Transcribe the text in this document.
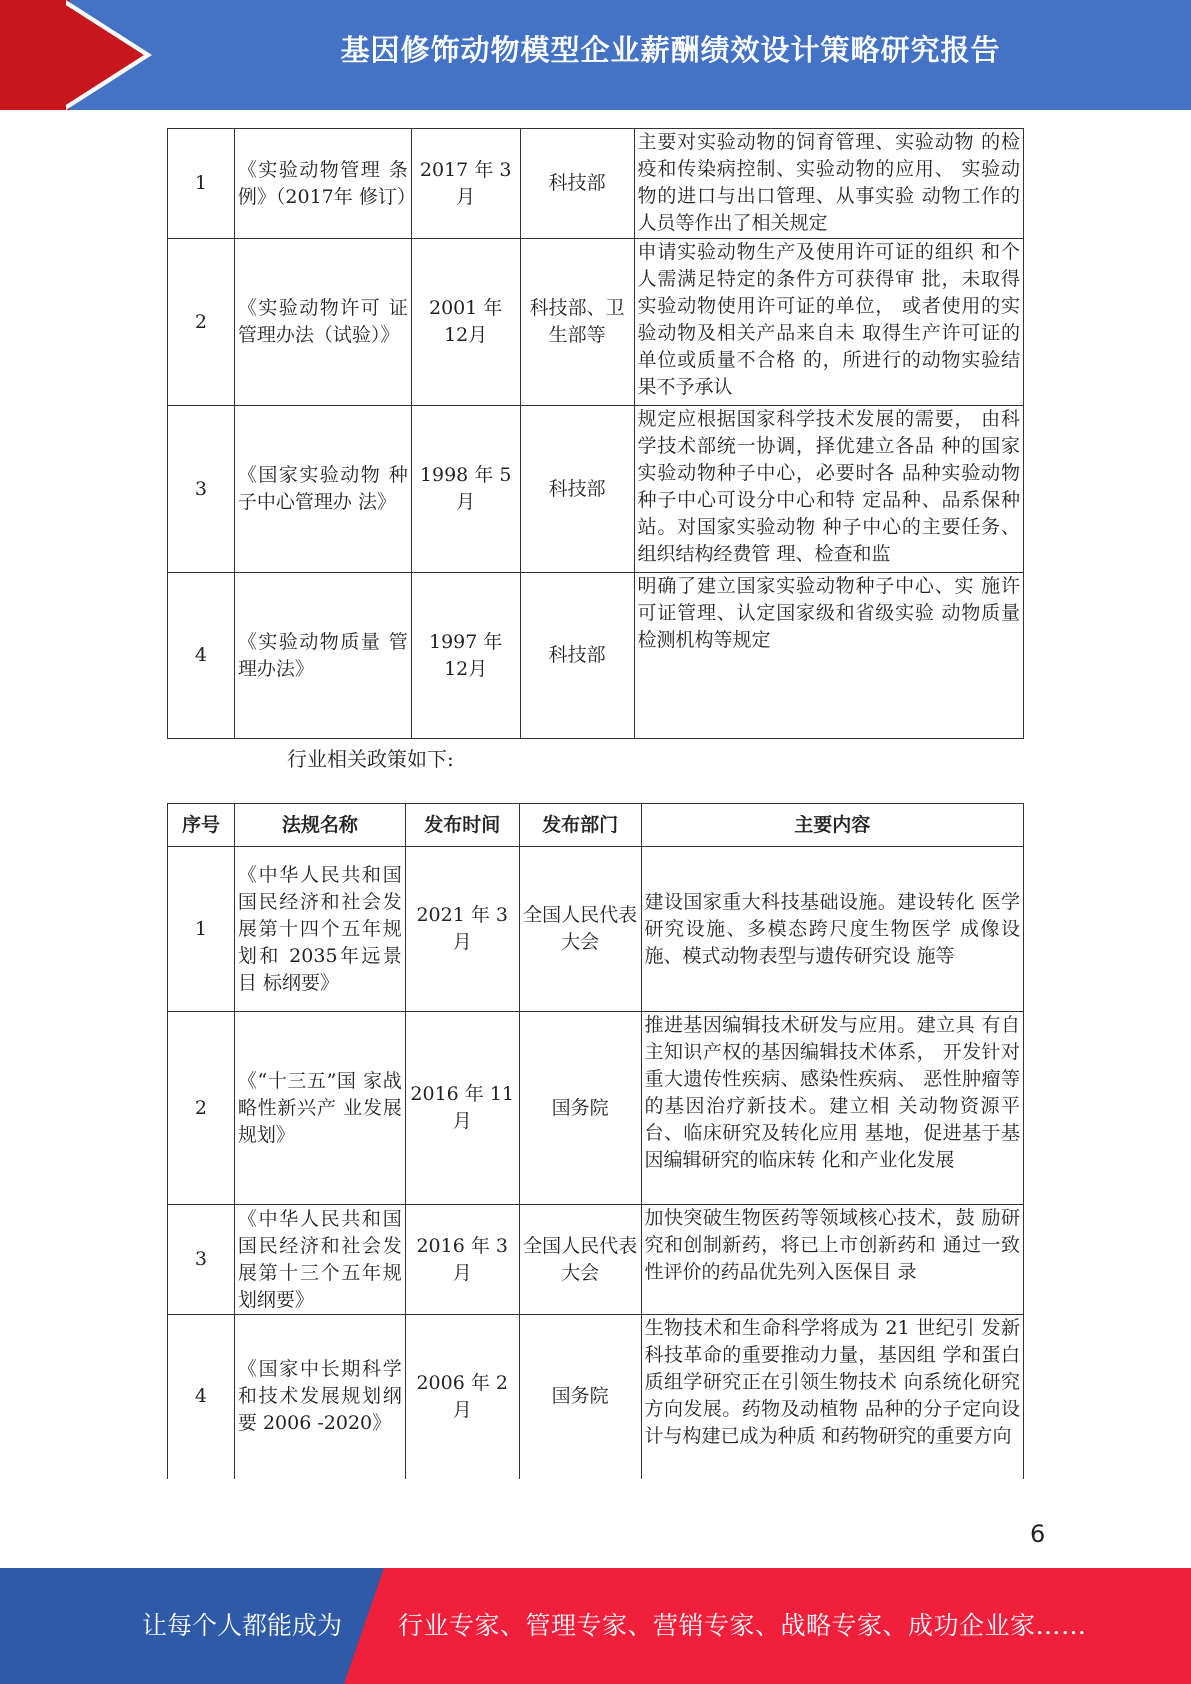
基因修饰动物模型企业薪酬绩效设计策略研究报告
1	《实验动物管理 条例》（2017年 修订）	2017 年 3月	科技部	主要对实验动物的饲育管理、实验动物 的检疫和传染病控制、实验动物的应用、 实验动物的进口与出口管理、从事实验 动物工作的人员等作出了相关规定
2	《实验动物许可 证管理办法（试验）》	2001 年 12月	科技部、卫生部等	申请实验动物生产及使用许可证的组织 和个人需满足特定的条件方可获得审 批，未取得实验动物使用许可证的单位， 或者使用的实验动物及相关产品来自未 取得生产许可证的单位或质量不合格 的，所进行的动物实验结果不予承认
3	《国家实验动物 种子中心管理办 法》	1998 年 5月	科技部	规定应根据国家科学技术发展的需要， 由科学技术部统一协调，择优建立各品 种的国家实验动物种子中心，必要时各 品种实验动物种子中心可设分中心和特 定品种、品系保种站。对国家实验动物 种子中心的主要任务、组织结构经费管 理、检查和监
4	《实验动物质量 管理办法》	1997 年 12月	科技部	明确了建立国家实验动物种子中心、实 施许可证管理、认定国家级和省级实验 动物质量检测机构等规定
行业相关政策如下:
序号	法规名称	发布时间	发布部门	主要内容
1	《中华人民共和国国民经济和社会发展第十四个五年规划和 2035年远景目 标纲要》	2021 年 3月	全国人民代表大会	建设国家重大科技基础设施。建设转化 医学研究设施、多模态跨尺度生物医学 成像设施、模式动物表型与遗传研究设 施等
2	《“十三五”国 家战略性新兴产 业发展规划》	2016 年 11月	国务院	推进基因编辑技术研发与应用。建立具 有自主知识产权的基因编辑技术体系， 开发针对重大遗传性疾病、感染性疾病、 恶性肿瘤等的基因治疗新技术。建立相 关动物资源平台、临床研究及转化应用 基地，促进基于基因编辑研究的临床转 化和产业化发展
3	《中华人民共和国国民经济和社会发展第十三个五年规划纲要》	2016 年 3月	全国人民代表大会	加快突破生物医药等领域核心技术，鼓 励研究和创制新药，将已上市创新药和 通过一致性评价的药品优先列入医保目 录
4	《国家中长期科学和技术发展规划纲要 2006 -2020》	2006 年 2月	国务院	生物技术和生命科学将成为 21 世纪引 发新科技革命的重要推动力量，基因组 学和蛋白质组学研究正在引领生物技术 向系统化研究方向发展。药物及动植物 品种的分子定向设计与构建已成为种质 和药物研究的重要方向
6
让每个人都能成为 行业专家、管理专家、营销专家、战略专家、成功企业家……
